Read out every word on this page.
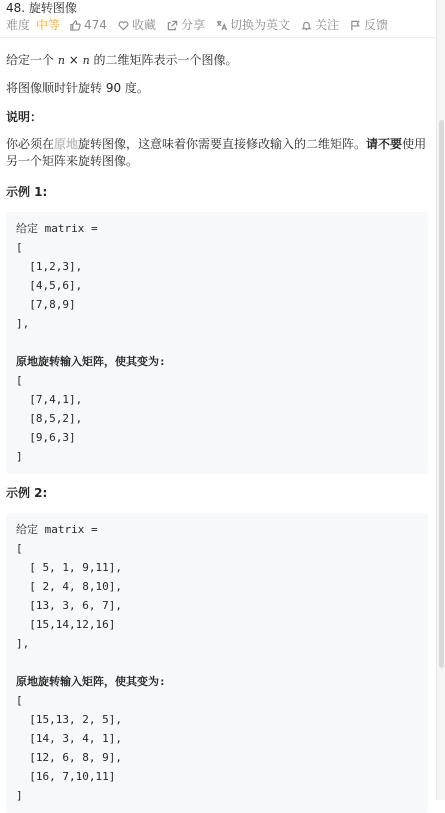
48. 旋转图像
难度 中等 474 收藏 分享 切换为英文 关注 反馈
给定一个 n × n 的二维矩阵表示一个图像。
将图像顺时针旋转 90 度。
说明：
你必须在原地旋转图像，这意味着你需要直接修改输入的二维矩阵。请不要使用另一个矩阵来旋转图像。
示例 1:
示例 2:
给定 matrix =
[
[1,2,3],
[4,5,6],
[7,8,9]
],
原地旋转输入矩阵，使其变为:
[
[7,4,1],
[8,5,2],
[9,6,3]
]
给定 matrix =
[
[ 5, 1, 9,11],
[ 2, 4, 8,10],
[13, 3, 6, 7],
[15,14,12,16]
],
原地旋转输入矩阵，使其变为:
[
[15,13, 2, 5],
[14, 3, 4, 1],
[12, 6, 8, 9],
[16, 7,10,11]
]
